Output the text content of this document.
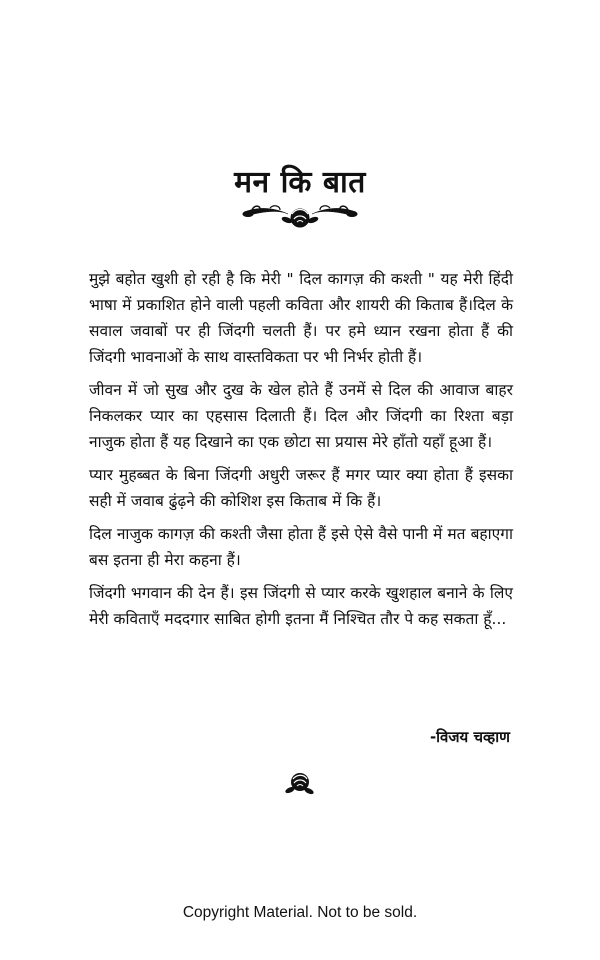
मन कि बात

मुझे बहोत खुशी हो रही है कि मेरी " दिल कागज़ की कश्ती " यह मेरी हिंदी भाषा में प्रकाशित होने वाली पहली कविता और शायरी की किताब हैं।दिल के सवाल जवाबों पर ही जिंदगी चलती हैं। पर हमे ध्यान रखना होता हैं की जिंदगी भावनाओं के साथ वास्तविकता पर भी निर्भर होती हैं।

जीवन में जो सुख और दुख के खेल होते हैं उनमें से दिल की आवाज बाहर निकलकर प्यार का एहसास दिलाती हैं। दिल और जिंदगी का रिश्ता बड़ा नाजुक होता हैं यह दिखाने का एक छोटा सा प्रयास मेरे हाँतो यहाँ हूआ हैं।

प्यार मुहब्बत के बिना जिंदगी अधुरी जरूर हैं मगर प्यार क्या होता हैं इसका सही में जवाब ढुंढ़ने की कोशिश इस किताब में कि हैं।

दिल नाजुक कागज़ की कश्ती जैसा होता हैं इसे ऐसे वैसे पानी में मत बहाएगा बस इतना ही मेरा कहना हैं।

जिंदगी भगवान की देन हैं। इस जिंदगी से प्यार करके खुशहाल बनाने के लिए मेरी कविताएँ मददगार साबित होगी इतना मैं निश्चित तौर पे कह सकता हूँ...

-विजय चव्हाण
Copyright Material. Not to be sold.
